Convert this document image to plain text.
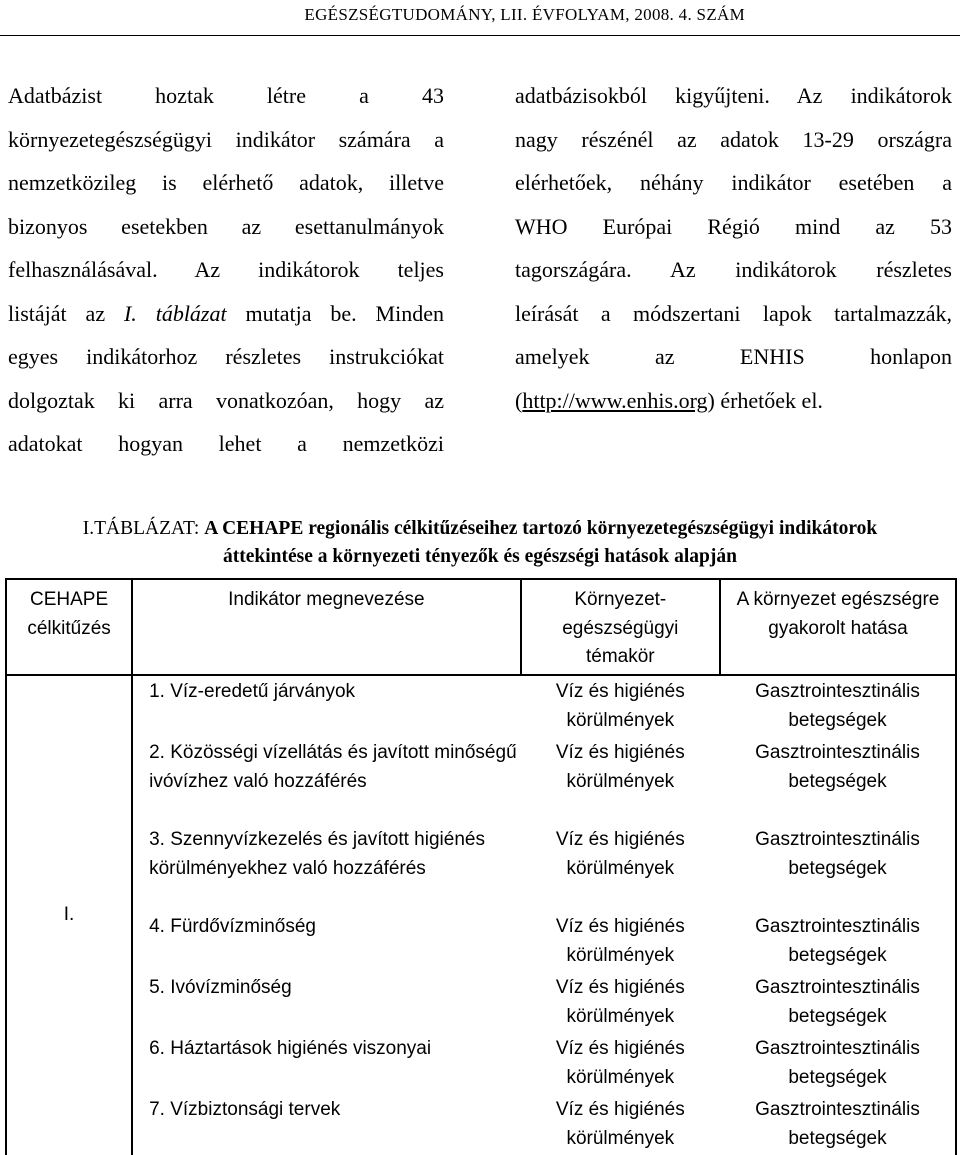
EGÉSZSÉGTUDOMÁNY, LII. ÉVFOLYAM, 2008. 4. SZÁM
Adatbázist hoztak létre a 43
környezetegészségügyi indikátor számára a
nemzetközileg is elérhető adatok, illetve
bizonyos esetekben az esettanulmányok
felhasználásával. Az indikátorok teljes
listáját az I. táblázat mutatja be. Minden
egyes indikátorhoz részletes instrukciókat
dolgoztak ki arra vonatkozóan, hogy az
adatokat hogyan lehet a nemzetközi
adatbázisokból kigyűjteni. Az indikátorok
nagy részénél az adatok 13-29 országra
elérhetőek, néhány indikátor esetében a
WHO Európai Régió mind az 53
tagországára. Az indikátorok részletes
leírását a módszertani lapok tartalmazzák,
amelyek az ENHIS honlapon
(http://www.enhis.org) érhetőek el.
I.TÁBLÁZAT: A CEHAPE regionális célkitűzéseihez tartozó környezetegészségügyi indikátorok
áttekintése a környezeti tényezők és egészségi hatások alapján
CEHAPE célkitűzés	Indikátor megnevezése	Környezet-egészségügyi témakör	A környezet egészségre gyakorolt hatása
I.	1. Víz-eredetű járványok	Víz és higiénés körülmények	Gasztrointesztinális betegségek
	2. Közösségi vízellátás és javított minőségű ivóvízhez való hozzáférés	Víz és higiénés körülmények	Gasztrointesztinális betegségek
	3. Szennyvízkezelés és javított higiénés körülményekhez való hozzáférés	Víz és higiénés körülmények	Gasztrointesztinális betegségek
	4. Fürdővízminőség	Víz és higiénés körülmények	Gasztrointesztinális betegségek
	5. Ivóvízminőség	Víz és higiénés körülmények	Gasztrointesztinális betegségek
	6. Háztartások higiénés viszonyai	Víz és higiénés körülmények	Gasztrointesztinális betegségek
	7. Vízbiztonsági tervek	Víz és higiénés körülmények	Gasztrointesztinális betegségek
